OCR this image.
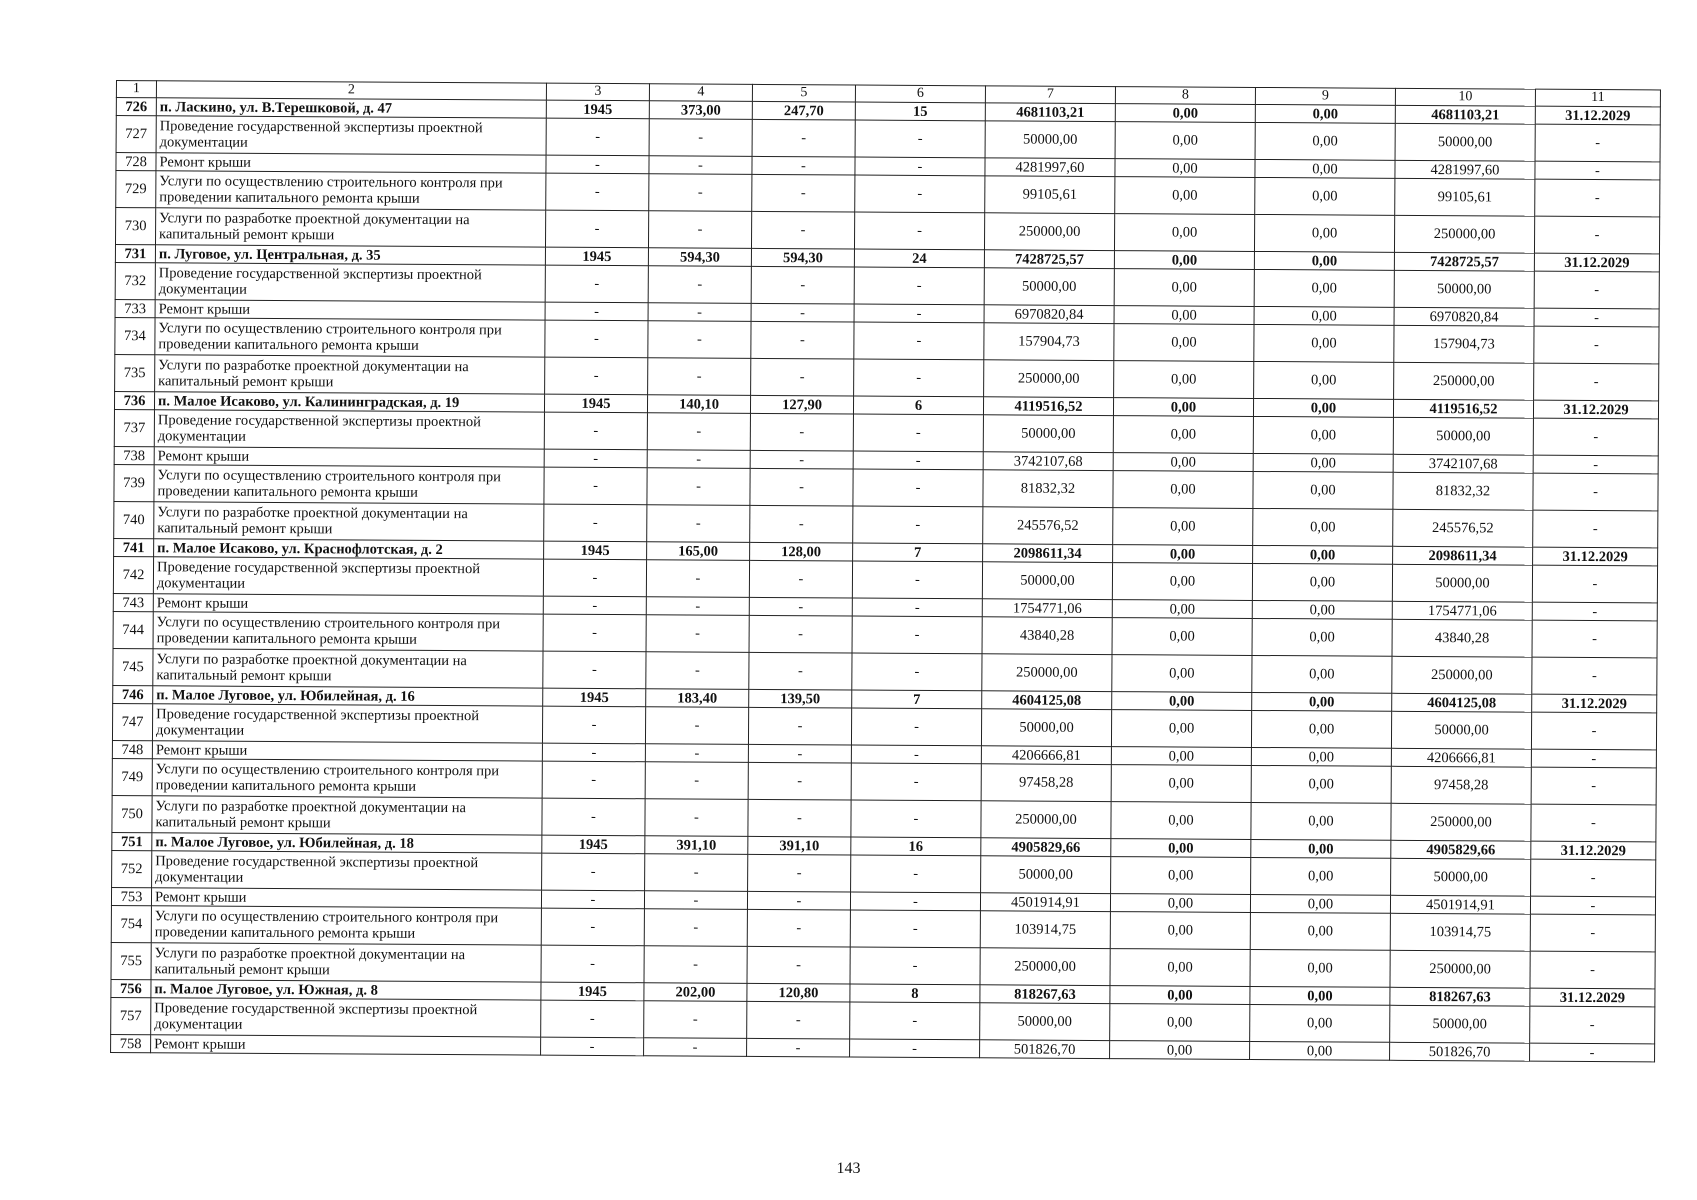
1	2	3	4	5	6	7	8	9	10	11
726	п. Ласкино, ул. В.Терешковой, д. 47	1945	373,00	247,70	15	4681103,21	0,00	0,00	4681103,21	31.12.2029
727	Проведение государственной экспертизы проектной документации	-	-	-	-	50000,00	0,00	0,00	50000,00	-
728	Ремонт крыши	-	-	-	-	4281997,60	0,00	0,00	4281997,60	-
729	Услуги по осуществлению строительного контроля при проведении капитального ремонта крыши	-	-	-	-	99105,61	0,00	0,00	99105,61	-
730	Услуги по разработке проектной документации на капитальный ремонт крыши	-	-	-	-	250000,00	0,00	0,00	250000,00	-
731	п. Луговое, ул. Центральная, д. 35	1945	594,30	594,30	24	7428725,57	0,00	0,00	7428725,57	31.12.2029
732	Проведение государственной экспертизы проектной документации	-	-	-	-	50000,00	0,00	0,00	50000,00	-
733	Ремонт крыши	-	-	-	-	6970820,84	0,00	0,00	6970820,84	-
734	Услуги по осуществлению строительного контроля при проведении капитального ремонта крыши	-	-	-	-	157904,73	0,00	0,00	157904,73	-
735	Услуги по разработке проектной документации на капитальный ремонт крыши	-	-	-	-	250000,00	0,00	0,00	250000,00	-
736	п. Малое Исаково, ул. Калининградская, д. 19	1945	140,10	127,90	6	4119516,52	0,00	0,00	4119516,52	31.12.2029
737	Проведение государственной экспертизы проектной документации	-	-	-	-	50000,00	0,00	0,00	50000,00	-
738	Ремонт крыши	-	-	-	-	3742107,68	0,00	0,00	3742107,68	-
739	Услуги по осуществлению строительного контроля при проведении капитального ремонта крыши	-	-	-	-	81832,32	0,00	0,00	81832,32	-
740	Услуги по разработке проектной документации на капитальный ремонт крыши	-	-	-	-	245576,52	0,00	0,00	245576,52	-
741	п. Малое Исаково, ул. Краснофлотская, д. 2	1945	165,00	128,00	7	2098611,34	0,00	0,00	2098611,34	31.12.2029
742	Проведение государственной экспертизы проектной документации	-	-	-	-	50000,00	0,00	0,00	50000,00	-
743	Ремонт крыши	-	-	-	-	1754771,06	0,00	0,00	1754771,06	-
744	Услуги по осуществлению строительного контроля при проведении капитального ремонта крыши	-	-	-	-	43840,28	0,00	0,00	43840,28	-
745	Услуги по разработке проектной документации на капитальный ремонт крыши	-	-	-	-	250000,00	0,00	0,00	250000,00	-
746	п. Малое Луговое, ул. Юбилейная, д. 16	1945	183,40	139,50	7	4604125,08	0,00	0,00	4604125,08	31.12.2029
747	Проведение государственной экспертизы проектной документации	-	-	-	-	50000,00	0,00	0,00	50000,00	-
748	Ремонт крыши	-	-	-	-	4206666,81	0,00	0,00	4206666,81	-
749	Услуги по осуществлению строительного контроля при проведении капитального ремонта крыши	-	-	-	-	97458,28	0,00	0,00	97458,28	-
750	Услуги по разработке проектной документации на капитальный ремонт крыши	-	-	-	-	250000,00	0,00	0,00	250000,00	-
751	п. Малое Луговое, ул. Юбилейная, д. 18	1945	391,10	391,10	16	4905829,66	0,00	0,00	4905829,66	31.12.2029
752	Проведение государственной экспертизы проектной документации	-	-	-	-	50000,00	0,00	0,00	50000,00	-
753	Ремонт крыши	-	-	-	-	4501914,91	0,00	0,00	4501914,91	-
754	Услуги по осуществлению строительного контроля при проведении капитального ремонта крыши	-	-	-	-	103914,75	0,00	0,00	103914,75	-
755	Услуги по разработке проектной документации на капитальный ремонт крыши	-	-	-	-	250000,00	0,00	0,00	250000,00	-
756	п. Малое Луговое, ул. Южная, д. 8	1945	202,00	120,80	8	818267,63	0,00	0,00	818267,63	31.12.2029
757	Проведение государственной экспертизы проектной документации	-	-	-	-	50000,00	0,00	0,00	50000,00	-
758	Ремонт крыши	-	-	-	-	501826,70	0,00	0,00	501826,70	-
143
